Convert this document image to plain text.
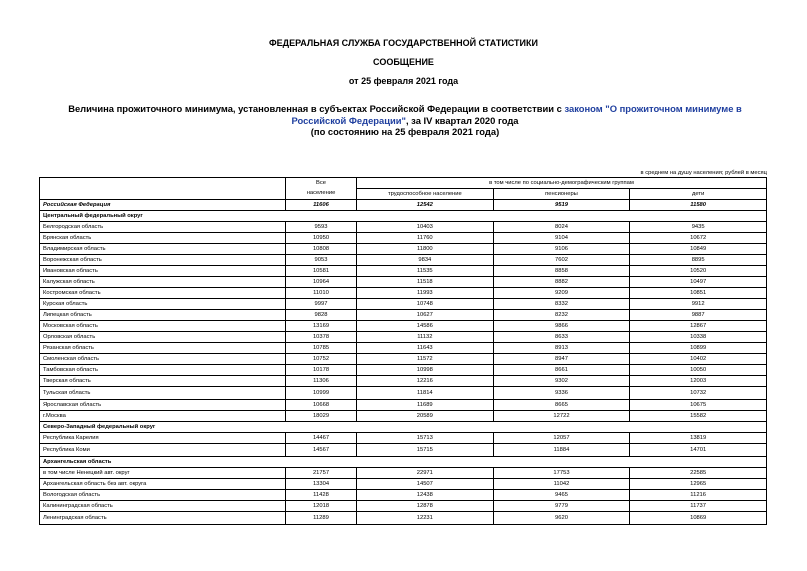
ФЕДЕРАЛЬНАЯ СЛУЖБА ГОСУДАРСТВЕННОЙ СТАТИСТИКИ
СООБЩЕНИЕ
от 25 февраля 2021 года
Величина прожиточного минимума, установленная в субъектах Российской Федерации в соответствии с законом "О прожиточном минимуме в Российской Федерации", за IV квартал 2020 года
(по состоянию на 25 февраля 2021 года)
в среднем на душу населения; рублей в месяц
	Все	в том числе по социально-демографическим группам		
	население	трудоспособное население	пенсионеры	дети
Российская Федерация	11606	12542	9519	11580
Центральный федеральный округ				
Белгородская область	9593	10403	8024	9435
Брянская область	10950	11760	9104	10672
Владимирская область	10808	11800	9106	10849
Воронежская область	9053	9834	7602	8895
Ивановская область	10581	11535	8858	10520
Калужская область	10964	11518	8882	10497
Костромская область	11010	11993	9209	10851
Курская область	9997	10748	8332	9912
Липецкая область	9828	10627	8232	9887
Московская область	13169	14586	9866	12867
Орловская область	10378	11132	8633	10338
Рязанская область	10785	11643	8913	10899
Смоленская область	10752	11572	8947	10402
Тамбовская область	10178	10998	8661	10050
Тверская область	11306	12216	9302	12003
Тульская область	10999	11814	9336	10732
Ярославская область	10668	11689	8665	10675
г.Москва	18029	20589	12722	15582
Северо-Западный федеральный округ				
Республика Карелия	14467	15713	12057	13819
Республика Коми	14567	15715	11884	14701
Архангельская область				
в том числе Ненецкий авт. округ	21757	22971	17753	22585
Архангельская область без авт. округа	13304	14507	11042	12965
Вологодская область	11428	12438	9465	11216
Калининградская область	12018	12878	9779	11737
Ленинградская область	11289	12231	9620	10869
